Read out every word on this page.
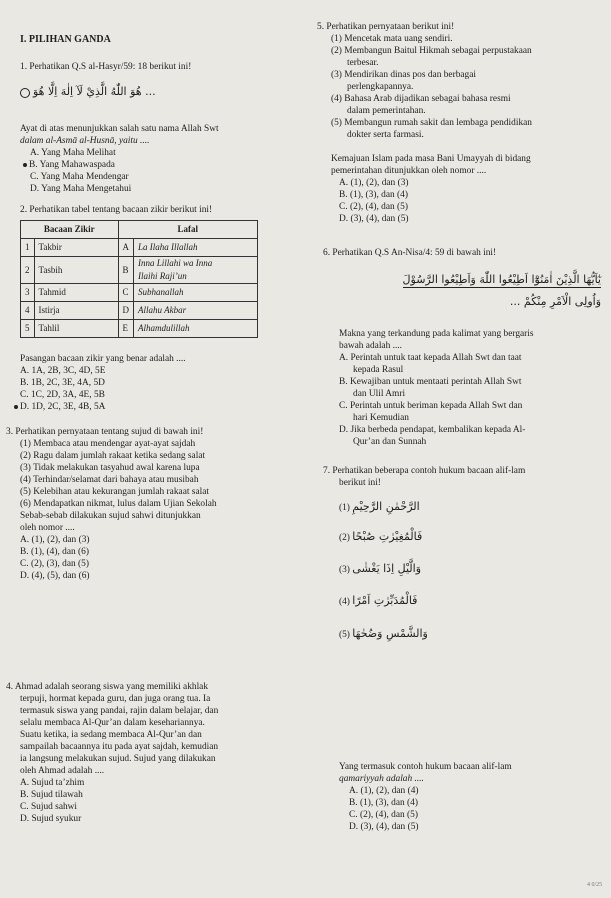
I. PILIHAN GANDA
1. Perhatikan Q.S al-Hasyr/59: 18 berikut ini!
هُوَ اللّٰهُ الَّذِيْ لَآ اِلٰهَ اِلَّا هُوَ ...
Ayat di atas menunjukkan salah satu nama Allah Swt
dalam al-Asmā al-Husnā, yaitu ....
A. Yang Maha Melihat
B. Yang Mahawaspada
C. Yang Maha Mendengar
D. Yang Maha Mengetahui
2. Perhatikan tabel tentang bacaan zikir berikut ini!
Bacaan Zikir		Lafal	
1	Takbir	A	La Ilaha Illallah
2	Tasbih	B	Inna Lillahi wa Inna
			Ilaihi Raji’un
3	Tahmid	C	Subhanallah
4	Istirja	D	Allahu Akbar
5	Tahlil	E	Alhamdulillah
Pasangan bacaan zikir yang benar adalah ....
A. 1A, 2B, 3C, 4D, 5E
B. 1B, 2C, 3E, 4A, 5D
C. 1C, 2D, 3A, 4E, 5B
D. 1D, 2C, 3E, 4B, 5A
3. Perhatikan pernyataan tentang sujud di bawah ini!
(1) Membaca atau mendengar ayat-ayat sajdah
(2) Ragu dalam jumlah rakaat ketika sedang salat
(3) Tidak melakukan tasyahud awal karena lupa
(4) Terhindar/selamat dari bahaya atau musibah
(5) Kelebihan atau kekurangan jumlah rakaat salat
(6) Mendapatkan nikmat, lulus dalam Ujian Sekolah
Sebab-sebab dilakukan sujud sahwi ditunjukkan
oleh nomor ....
A. (1), (2), dan (3)
B. (1), (4), dan (6)
C. (2), (3), dan (5)
D. (4), (5), dan (6)
4. Ahmad adalah seorang siswa yang memiliki akhlak
terpuji, hormat kepada guru, dan juga orang tua. Ia
termasuk siswa yang pandai, rajin dalam belajar, dan
selalu membaca Al-Qur’an dalam kesehariannya.
Suatu ketika, ia sedang membaca Al-Qur’an dan
sampailah bacaannya itu pada ayat sajdah, kemudian
ia langsung melakukan sujud. Sujud yang dilakukan
oleh Ahmad adalah ....
A. Sujud ta’zhim
B. Sujud tilawah
C. Sujud sahwi
D. Sujud syukur
5. Perhatikan pernyataan berikut ini!
(1) Mencetak mata uang sendiri.
(2) Membangun Baitul Hikmah sebagai perpustakaan
terbesar.
(3) Mendirikan dinas pos dan berbagai
perlengkapannya.
(4) Bahasa Arab dijadikan sebagai bahasa resmi
dalam pemerintahan.
(5) Membangun rumah sakit dan lembaga pendidikan
dokter serta farmasi.
Kemajuan Islam pada masa Bani Umayyah di bidang
pemerintahan ditunjukkan oleh nomor ....
A. (1), (2), dan (3)
B. (1), (3), dan (4)
C. (2), (4), dan (5)
D. (3), (4), dan (5)
6. Perhatikan Q.S An-Nisa/4: 59 di bawah ini!
يٰٓاَيُّهَا الَّذِيْنَ اٰمَنُوْٓا اَطِيْعُوا اللّٰهَ وَاَطِيْعُوا الرَّسُوْلَ
وَاُولِى الْاَمْرِ مِنْكُمْ ...
Makna yang terkandung pada kalimat yang bergaris
bawah adalah ....
A. Perintah untuk taat kepada Allah Swt dan taat
kepada Rasul
B. Kewajiban untuk mentaati perintah Allah Swt
dan Ulil Amri
C. Perintah untuk beriman kepada Allah Swt dan
hari Kemudian
D. Jika berbeda pendapat, kembalikan kepada Al-
Qur’an dan Sunnah
7. Perhatikan beberapa contoh hukum bacaan alif-lam
berikut ini!
(1) الرَّحْمٰنِ الرَّحِيْمِ
(2) فَالْمُغِيْرٰتِ صُبْحًا
(3) وَالَّيْلِ اِذَا يَغْشٰى
(4) فَالْمُدَبِّرٰتِ اَمْرًا
(5) وَالشَّمْسِ وَضُحٰهَا
Yang termasuk contoh hukum bacaan alif-lam
qamariyyah adalah ....
A. (1), (2), dan (4)
B. (1), (3), dan (4)
C. (2), (4), dan (5)
D. (3), (4), dan (5)
4 0/25
